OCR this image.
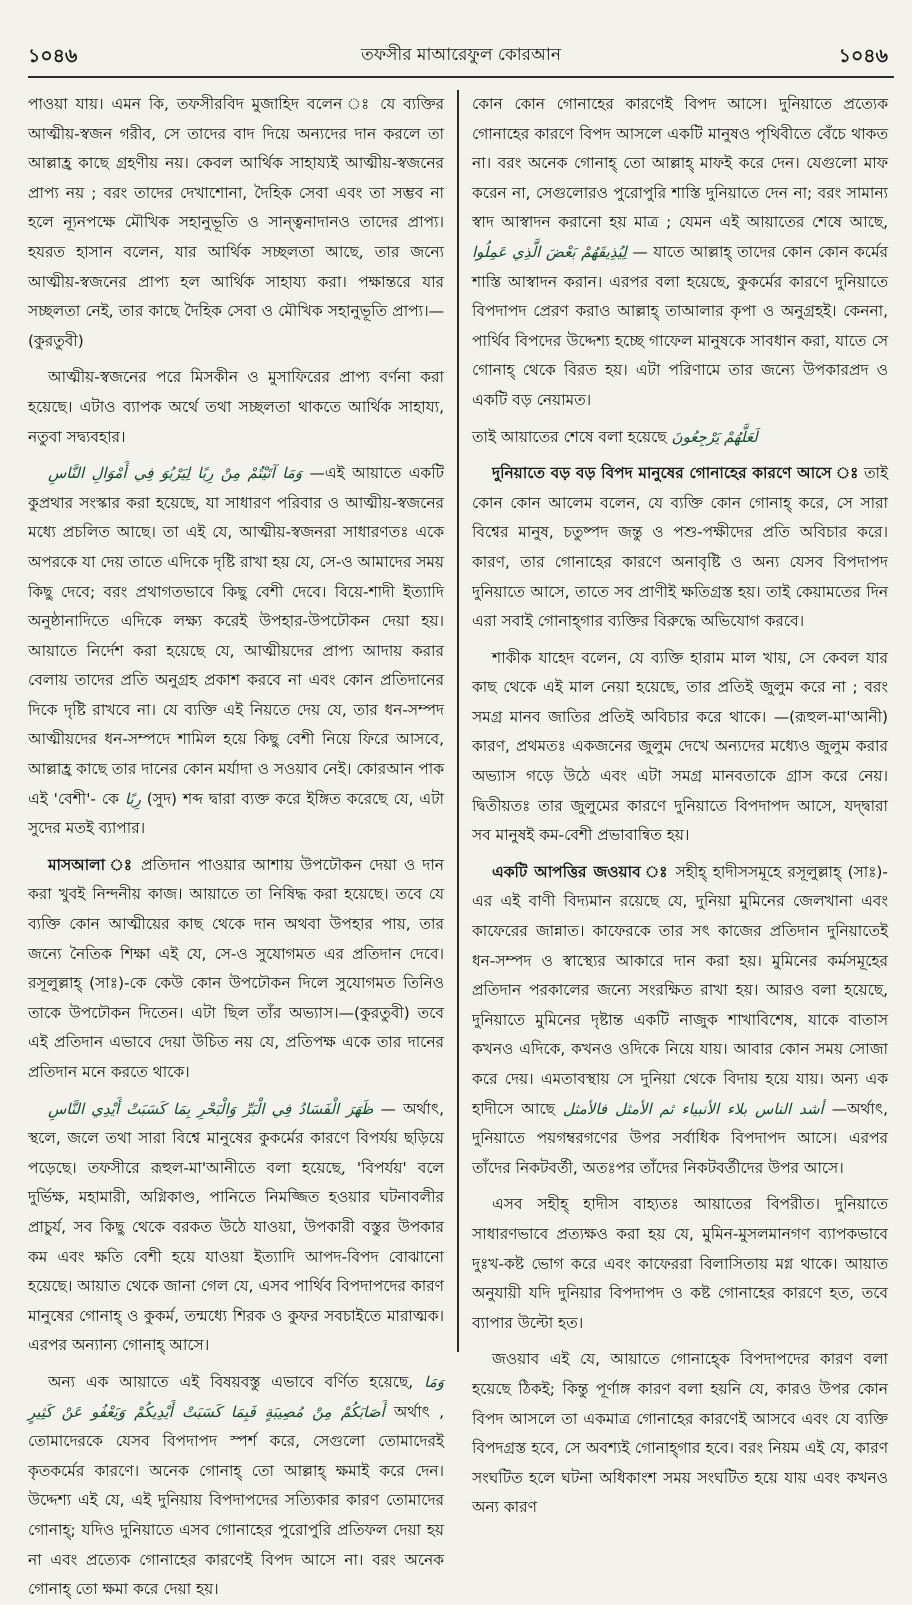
১০৪৬	তফসীর মাআরেফুল কোরআন	১০৪৬

পাওয়া যায়। এমন কি, তফসীরবিদ মুজাহিদ বলেন ঃ যে ব্যক্তির আত্মীয়-স্বজন গরীব, সে তাদের বাদ দিয়ে অন্যদের দান করলে তা আল্লাহ্র কাছে গ্রহণীয় নয়। কেবল আর্থিক সাহায্যই আত্মীয়-স্বজনের প্রাপ্য নয় ; বরং তাদের দেখাশোনা, দৈহিক সেবা এবং তা সম্ভব না হলে ন্যূনপক্ষে মৌখিক সহানুভূতি ও সান্ত্বনাদানও তাদের প্রাপ্য। হযরত হাসান বলেন, যার আর্থিক সচ্ছলতা আছে, তার জন্যে আত্মীয়-স্বজনের প্রাপ্য হল আর্থিক সাহায্য করা। পক্ষান্তরে যার সচ্ছলতা নেই, তার কাছে দৈহিক সেবা ও মৌখিক সহানুভূতি প্রাপ্য।—(কুরতুবী)

আত্মীয়-স্বজনের পরে মিসকীন ও মুসাফিরের প্রাপ্য বর্ণনা করা হয়েছে। এটাও ব্যাপক অর্থে তথা সচ্ছলতা থাকতে আর্থিক সাহায্য, নতুবা সদ্ব্যবহার।

وَمَا آتَيْتُمْ مِنْ رِبًا لِيَرْبُوَ فِي أَمْوَالِ النَّاسِ —এই আয়াতে একটি কুপ্রথার সংস্কার করা হয়েছে, যা সাধারণ পরিবার ও আত্মীয়-স্বজনের মধ্যে প্রচলিত আছে। তা এই যে, আত্মীয়-স্বজনরা সাধারণতঃ একে অপরকে যা দেয় তাতে এদিকে দৃষ্টি রাখা হয় যে, সে-ও আমাদের সময় কিছু দেবে; বরং প্রথাগতভাবে কিছু বেশী দেবে। বিয়ে-শাদী ইত্যাদি অনুষ্ঠানাদিতে এদিকে লক্ষ্য করেই উপহার-উপঢৌকন দেয়া হয়। আয়াতে নির্দেশ করা হয়েছে যে, আত্মীয়দের প্রাপ্য আদায় করার বেলায় তাদের প্রতি অনুগ্রহ প্রকাশ করবে না এবং কোন প্রতিদানের দিকে দৃষ্টি রাখবে না। যে ব্যক্তি এই নিয়তে দেয় যে, তার ধন-সম্পদ আত্মীয়দের ধন-সম্পদে শামিল হয়ে কিছু বেশী নিয়ে ফিরে আসবে, আল্লাহ্র কাছে তার দানের কোন মর্যাদা ও সওয়াব নেই। কোরআন পাক এই 'বেশী'- কে رِبًا (সুদ) শব্দ দ্বারা ব্যক্ত করে ইঙ্গিত করেছে যে, এটা সুদের মতই ব্যাপার।

মাসআলা ঃ প্রতিদান পাওয়ার আশায় উপঢৌকন দেয়া ও দান করা খুবই নিন্দনীয় কাজ। আয়াতে তা নিষিদ্ধ করা হয়েছে। তবে যে ব্যক্তি কোন আত্মীয়ের কাছ থেকে দান অথবা উপহার পায়, তার জন্যে নৈতিক শিক্ষা এই যে, সে-ও সুযোগমত এর প্রতিদান দেবে। রসূলুল্লাহ্ (সাঃ)-কে কেউ কোন উপঢৌকন দিলে সুযোগমত তিনিও তাকে উপঢৌকন দিতেন। এটা ছিল তাঁর অভ্যাস।—(কুরতুবী) তবে এই প্রতিদান এভাবে দেয়া উচিত নয় যে, প্রতিপক্ষ একে তার দানের প্রতিদান মনে করতে থাকে।

ظَهَرَ الْفَسَادُ فِي الْبَرِّ وَالْبَحْرِ بِمَا كَسَبَتْ أَيْدِي النَّاسِ — অর্থাৎ, স্থলে, জলে তথা সারা বিশ্বে মানুষের কুকর্মের কারণে বিপর্যয় ছড়িয়ে পড়েছে। তফসীরে রূহুল-মা'আনীতে বলা হয়েছে, 'বিপর্যয়' বলে দুর্ভিক্ষ, মহামারী, অগ্নিকাণ্ড, পানিতে নিমজ্জিত হওয়ার ঘটনাবলীর প্রাচুর্য, সব কিছু থেকে বরকত উঠে যাওয়া, উপকারী বস্তুর উপকার কম এবং ক্ষতি বেশী হয়ে যাওয়া ইত্যাদি আপদ-বিপদ বোঝানো হয়েছে। আয়াত থেকে জানা গেল যে, এসব পার্থিব বিপদাপদের কারণ মানুষের গোনাহ্ ও কুকর্ম, তন্মধ্যে শিরক ও কুফর সবচাইতে মারাত্মক। এরপর অন্যান্য গোনাহ্ আসে।

অন্য এক আয়াতে এই বিষয়বস্তু এভাবে বর্ণিত হয়েছে, وَمَا أَصَابَكُمْ مِنْ مُصِيبَةٍ فَبِمَا كَسَبَتْ أَيْدِيكُمْ وَيَعْفُو عَنْ كَثِيرٍ অর্থাৎ , তোমাদেরকে যেসব বিপদাপদ স্পর্শ করে, সেগুলো তোমাদেরই কৃতকর্মের কারণে। অনেক গোনাহ্ তো আল্লাহ্ ক্ষমাই করে দেন। উদ্দেশ্য এই যে, এই দুনিয়ায় বিপদাপদের সত্যিকার কারণ তোমাদের গোনাহ্; যদিও দুনিয়াতে এসব গোনাহের পুরোপুরি প্রতিফল দেয়া হয় না এবং প্রত্যেক গোনাহের কারণেই বিপদ আসে না। বরং অনেক গোনাহ্ তো ক্ষমা করে দেয়া হয়।

কোন কোন গোনাহের কারণেই বিপদ আসে। দুনিয়াতে প্রত্যেক গোনাহের কারণে বিপদ আসলে একটি মানুষও পৃথিবীতে বেঁচে থাকত না। বরং অনেক গোনাহ্ তো আল্লাহ্ মাফই করে দেন। যেগুলো মাফ করেন না, সেগুলোরও পুরোপুরি শাস্তি দুনিয়াতে দেন না; বরং সামান্য স্বাদ আস্বাদন করানো হয় মাত্র ; যেমন এই আয়াতের শেষে আছে, لِيُذِيقَهُمْ بَعْضَ الَّذِي عَمِلُوا — যাতে আল্লাহ্ তাদের কোন কোন কর্মের শাস্তি আস্বাদন করান। এরপর বলা হয়েছে, কুকর্মের কারণে দুনিয়াতে বিপদাপদ প্রেরণ করাও আল্লাহ্ তাআলার কৃপা ও অনুগ্রহই। কেননা, পার্থিব বিপদের উদ্দেশ্য হচ্ছে গাফেল মানুষকে সাবধান করা, যাতে সে গোনাহ্ থেকে বিরত হয়। এটা পরিণামে তার জন্যে উপকারপ্রদ ও একটি বড় নেয়ামত।

তাই আয়াতের শেষে বলা হয়েছে لَعَلَّهُمْ يَرْجِعُونَ

দুনিয়াতে বড় বড় বিপদ মানুষের গোনাহের কারণে আসে ঃ তাই কোন কোন আলেম বলেন, যে ব্যক্তি কোন গোনাহ্ করে, সে সারা বিশ্বের মানুষ, চতুষ্পদ জন্তু ও পশু-পক্ষীদের প্রতি অবিচার করে। কারণ, তার গোনাহের কারণে অনাবৃষ্টি ও অন্য যেসব বিপদাপদ দুনিয়াতে আসে, তাতে সব প্রাণীই ক্ষতিগ্রস্ত হয়। তাই কেয়ামতের দিন এরা সবাই গোনাহ্গার ব্যক্তির বিরুদ্ধে অভিযোগ করবে।

শাকীক যাহেদ বলেন, যে ব্যক্তি হারাম মাল খায়, সে কেবল যার কাছ থেকে এই মাল নেয়া হয়েছে, তার প্রতিই জুলুম করে না ; বরং সমগ্র মানব জাতির প্রতিই অবিচার করে থাকে। —(রূহুল-মা'আনী) কারণ, প্রথমতঃ একজনের জুলুম দেখে অন্যদের মধ্যেও জুলুম করার অভ্যাস গড়ে উঠে এবং এটা সমগ্র মানবতাকে গ্রাস করে নেয়। দ্বিতীয়তঃ তার জুলুমের কারণে দুনিয়াতে বিপদাপদ আসে, যদ্দ্বারা সব মানুষই কম-বেশী প্রভাবান্বিত হয়।

একটি আপত্তির জওয়াব ঃ সহীহ্ হাদীসসমূহে রসূলুল্লাহ্ (সাঃ)-এর এই বাণী বিদ্যমান রয়েছে যে, দুনিয়া মুমিনের জেলখানা এবং কাফেরের জান্নাত। কাফেরকে তার সৎ কাজের প্রতিদান দুনিয়াতেই ধন-সম্পদ ও স্বাস্থ্যের আকারে দান করা হয়। মুমিনের কর্মসমূহের প্রতিদান পরকালের জন্যে সংরক্ষিত রাখা হয়। আরও বলা হয়েছে, দুনিয়াতে মুমিনের দৃষ্টান্ত একটি নাজুক শাখাবিশেষ, যাকে বাতাস কখনও এদিকে, কখনও ওদিকে নিয়ে যায়। আবার কোন সময় সোজা করে দেয়। এমতাবস্থায় সে দুনিয়া থেকে বিদায় হয়ে যায়। অন্য এক হাদীসে আছে أشد الناس بلاء الأنبياء ثم الأمثل فالأمثل —অর্থাৎ, দুনিয়াতে পয়গম্বরগণের উপর সর্বাধিক বিপদাপদ আসে। এরপর তাঁদের নিকটবর্তী, অতঃপর তাঁদের নিকটবর্তীদের উপর আসে।

এসব সহীহ্ হাদীস বাহ্যতঃ আয়াতের বিপরীত। দুনিয়াতে সাধারণভাবে প্রত্যক্ষও করা হয় যে, মুমিন-মুসলমানগণ ব্যাপকভাবে দুঃখ-কষ্ট ভোগ করে এবং কাফেররা বিলাসিতায় মগ্ন থাকে। আয়াত অনুযায়ী যদি দুনিয়ার বিপদাপদ ও কষ্ট গোনাহের কারণে হত, তবে ব্যাপার উল্টো হত।

জওয়াব এই যে, আয়াতে গোনাহ্কে বিপদাপদের কারণ বলা হয়েছে ঠিকই; কিন্তু পূর্ণাঙ্গ কারণ বলা হয়নি যে, কারও উপর কোন বিপদ আসলে তা একমাত্র গোনাহের কারণেই আসবে এবং যে ব্যক্তি বিপদগ্রস্ত হবে, সে অবশ্যই গোনাহ্গার হবে। বরং নিয়ম এই যে, কারণ সংঘটিত হলে ঘটনা অধিকাংশ সময় সংঘটিত হয়ে যায় এবং কখনও অন্য কারণ
